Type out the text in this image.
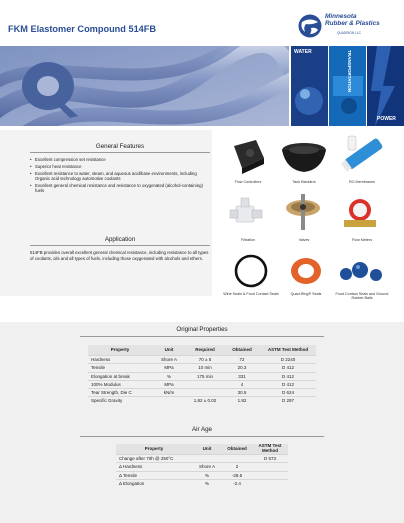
FKM Elastomer Compound 514FB
Minnesota
Rubber & Plastics
QUADRION LLC
WATER	TRANSPORTATION
POWER
General Features
• Excellent compression set resistance
• Superior heat resistance
• Excellent resistance to water, steam, and aqueous acid/base environments, including Organic acid technology automotive coolants
• Excellent general chemical resistance and resistance to oxygenated (alcohol-containing) fuels
Application
514FB provides overall excellent general chemical resistance, including resistance to all types of coolants, oils and all types of fuels, including those oxygenated with alcohols and ethers.
Flow Controllers	Tank Bladders	RO Membranes
Filtration	Valves	Flow Meters
Wine Seals & Food Contact Seals	Quad-Ring® Seals	Food Contact Seals and Ground Rubber Balls
Original Properties
Property	Unit	Required	Obtained	ASTM Test Method
Hardness	Shore A	70 ± 5	72	D 2240
Tensile	MPa	10 min	20.3	D 412
Elongation at break	%	175 min	331	D 412
100% Modulus	MPa		4	D 412
Tear Strength, Die C	kN/m		30.5	D 624
Specific Gravity		1.82 ± 0.02	1.82	D 297
Air Age
Property	Unit	Obtained	ASTM Test Method
Change after 70h @ 250°C			D 573
Δ Hardness	Shore A	2	
Δ Tensile	%	-28.5	
Δ Elongation	%	-2.4	
